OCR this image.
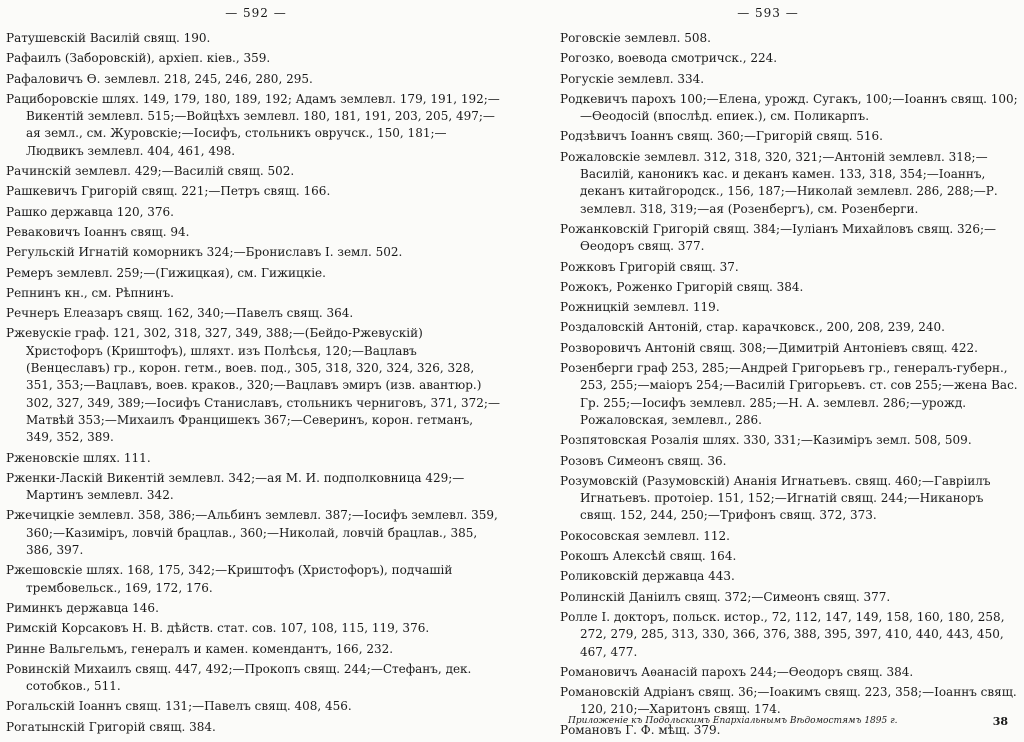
— 592 —
Ратушевскій Василій свящ. 190.
Рафаилъ (Заборовскій), архіеп. кіев., 359.
Рафаловичъ Ѳ. землевл. 218, 245, 246, 280, 295.
Рациборовскіе шлях. 149, 179, 180, 189, 192; Адамъ землевл. 179, 191, 192;—Викентій землевл. 515;—Войцѣхъ землевл. 180, 181, 191, 203, 205, 497;—ая земл., см. Журовскіе;—Іосифъ, стольникъ овручск., 150, 181;—Людвикъ землевл. 404, 461, 498.
Рачинскій землевл. 429;—Василій свящ. 502.
Рашкевичъ Григорій свящ. 221;—Петръ свящ. 166.
Рашко державца 120, 376.
Реваковичъ Іоаннъ свящ. 94.
Регульскій Игнатій коморникъ 324;—Брониславъ І. земл. 502.
Ремеръ землевл. 259;—(Гижицкая), см. Гижицкіе.
Репнинъ кн., см. Рѣпнинъ.
Речнеръ Елеазаръ свящ. 162, 340;—Павелъ свящ. 364.
Ржевускіе граф. 121, 302, 318, 327, 349, 388;—(Бейдо-Ржевускій) Христофоръ (Криштофъ), шляхт. изъ Полѣсья, 120;—Вацлавъ (Венцеславъ) гр., корон. гетм., воев. под., 305, 318, 320, 324, 326, 328, 351, 353;—Вацлавъ, воев. краков., 320;—Вацлавъ эмиръ (изв. авантюр.) 302, 327, 349, 389;—Іосифъ Станиславъ, стольникъ черниговъ, 371, 372;—Матвѣй 353;—Михаилъ Францишекъ 367;—Северинъ, корон. гетманъ, 349, 352, 389.
Рженовскіе шлях. 111.
Рженки-Ласкій Викентій землевл. 342;—ая М. И. подполковница 429;—Мартинъ землевл. 342.
Ржечицкіе землевл. 358, 386;—Альбинъ землевл. 387;—Іосифъ землевл. 359, 360;—Казиміръ, ловчій брацлав., 360;—Николай, ловчій брацлав., 385, 386, 397.
Ржешовскіе шлях. 168, 175, 342;—Криштофъ (Христофоръ), подчашій трембовельск., 169, 172, 176.
Риминкъ державца 146.
Римскій Корсаковъ Н. В. дѣйств. стат. сов. 107, 108, 115, 119, 376.
Ринне Вальгельмъ, генералъ и камен. комендантъ, 166, 232.
Ровинскій Михаилъ свящ. 447, 492;—Прокопъ свящ. 244;—Стефанъ, дек. сотобков., 511.
Рогальскій Іоаннъ свящ. 131;—Павелъ свящ. 408, 456.
Рогатынскій Григорій свящ. 384.
— 593 —
Роговскіе землевл. 508.
Рогозко, воевода смотричск., 224.
Рогускіе землевл. 334.
Родкевичъ парохъ 100;—Елена, урожд. Сугакъ, 100;—Іоаннъ свящ. 100;—Ѳеодосій (впослѣд. епиек.), см. Поликарпъ.
Родзѣвичъ Іоаннъ свящ. 360;—Григорій свящ. 516.
Рожаловскіе землевл. 312, 318, 320, 321;—Антоній землевл. 318;—Василій, каноникъ кас. и деканъ камен. 133, 318, 354;—Іоаннъ, деканъ китайгородск., 156, 187;—Николай землевл. 286, 288;—Р. землевл. 318, 319;—ая (Розенбергъ), см. Розенберги.
Рожанковскій Григорій свящ. 384;—Іуліанъ Михайловъ свящ. 326;—Ѳеодоръ свящ. 377.
Рожковъ Григорій свящ. 37.
Рожокъ, Роженко Григорій свящ. 384.
Рожницкій землевл. 119.
Роздаловскій Антоній, стар. карачковск., 200, 208, 239, 240.
Розворовичъ Антоній свящ. 308;—Димитрій Антоніевъ свящ. 422.
Розенберги граф 253, 285;—Андрей Григорьевъ гр., генералъ-губерн., 253, 255;—маіоръ 254;—Василій Григорьевъ. ст. сов 255;—жена Вас. Гр. 255;—Іосифъ землевл. 285;—Н. А. землевл. 286;—урожд. Рожаловская, землевл., 286.
Розпятовская Розалія шлях. 330, 331;—Казиміръ земл. 508, 509.
Розовъ Симеонъ свящ. 36.
Розумовскій (Разумовскій) Ананія Игнатьевъ. свящ. 460;—Гавріилъ Игнатьевъ. протоіер. 151, 152;—Игнатій свящ. 244;—Никаноръ свящ. 152, 244, 250;—Трифонъ свящ. 372, 373.
Рокосовская землевл. 112.
Рокошъ Алексѣй свящ. 164.
Роликовскій державца 443.
Ролинскій Даніилъ свящ. 372;—Симеонъ свящ. 377.
Ролле І. докторъ, польск. истор., 72, 112, 147, 149, 158, 160, 180, 258, 272, 279, 285, 313, 330, 366, 376, 388, 395, 397, 410, 440, 443, 450, 467, 477.
Романовичъ Аѳанасій парохъ 244;—Ѳеодоръ свящ. 384.
Романовскій Адріанъ свящ. 36;—Іоакимъ свящ. 223, 358;—Іоаннъ свящ. 120, 210;—Харитонъ свящ. 174.
Романовъ Г. Ф. мѣщ. 379.
Приложеніе къ Подольскимъ Епархіальнымъ Вѣдомостямъ 1895 г.	38
